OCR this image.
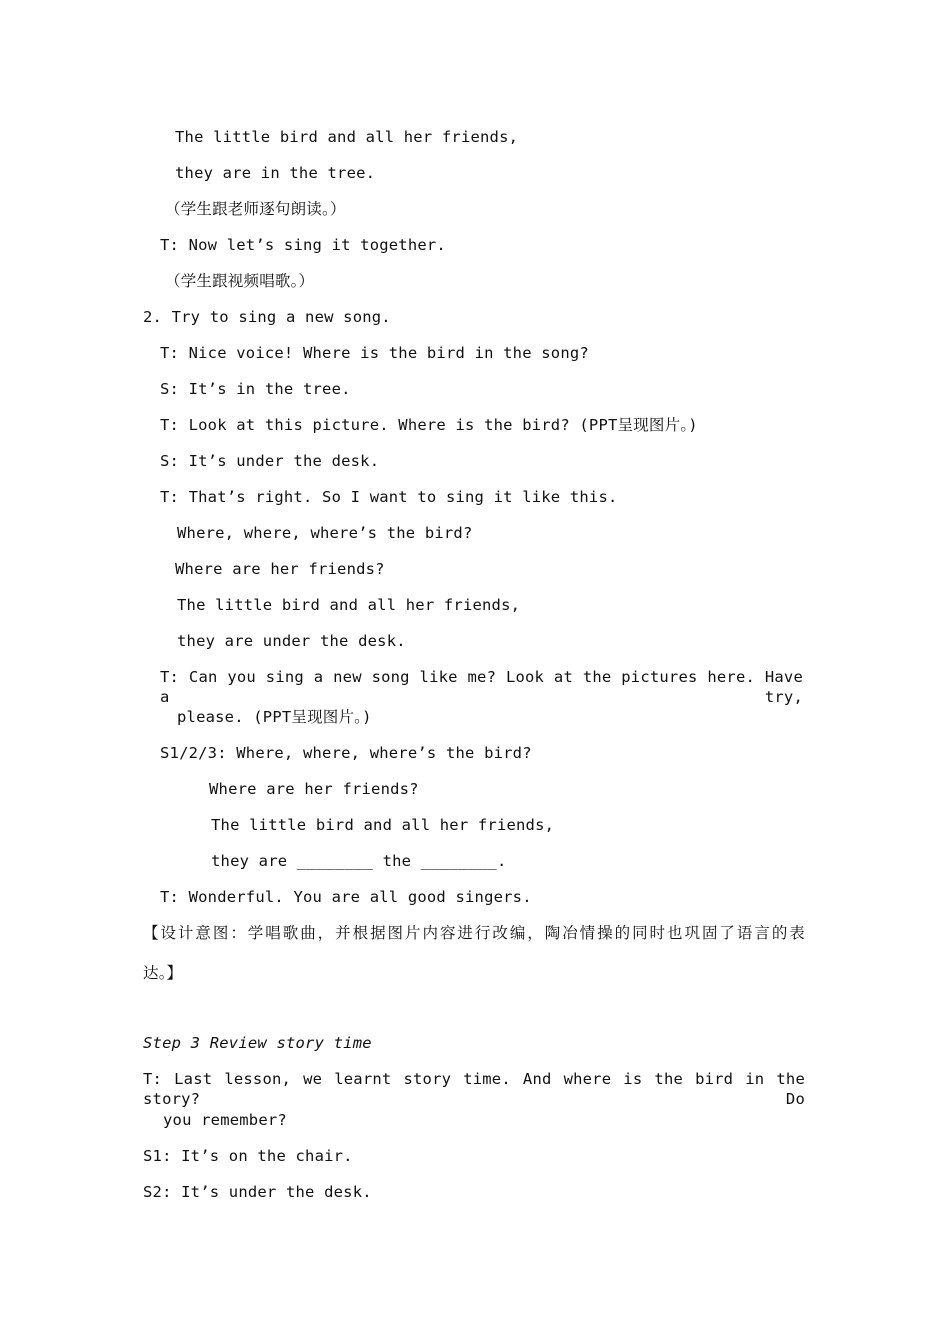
The little bird and all her friends,
they are in the tree.
（学生跟老师逐句朗读。）
T: Now let’s sing it together.
（学生跟视频唱歌。）
2. Try to sing a new song.
T: Nice voice! Where is the bird in the song?
S: It’s in the tree.
T: Look at this picture. Where is the bird? (PPT呈现图片。)
S: It’s under the desk.
T: That’s right. So I want to sing it like this.
Where, where, where’s the bird?
Where are her friends?
The little bird and all her friends,
they are under the desk.
T: Can you sing a new song like me? Look at the pictures here. Have a try,
please. (PPT呈现图片。)
S1/2/3: Where, where, where’s the bird?
Where are her friends?
The little bird and all her friends,
they are ________ the ________.
T: Wonderful. You are all good singers.
【设计意图：学唱歌曲，并根据图片内容进行改编，陶冶情操的同时也巩固了语言的表
达。】
Step 3 Review story time
T: Last lesson, we learnt story time. And where is the bird in the story? Do
you remember?
S1: It’s on the chair.
S2: It’s under the desk.
